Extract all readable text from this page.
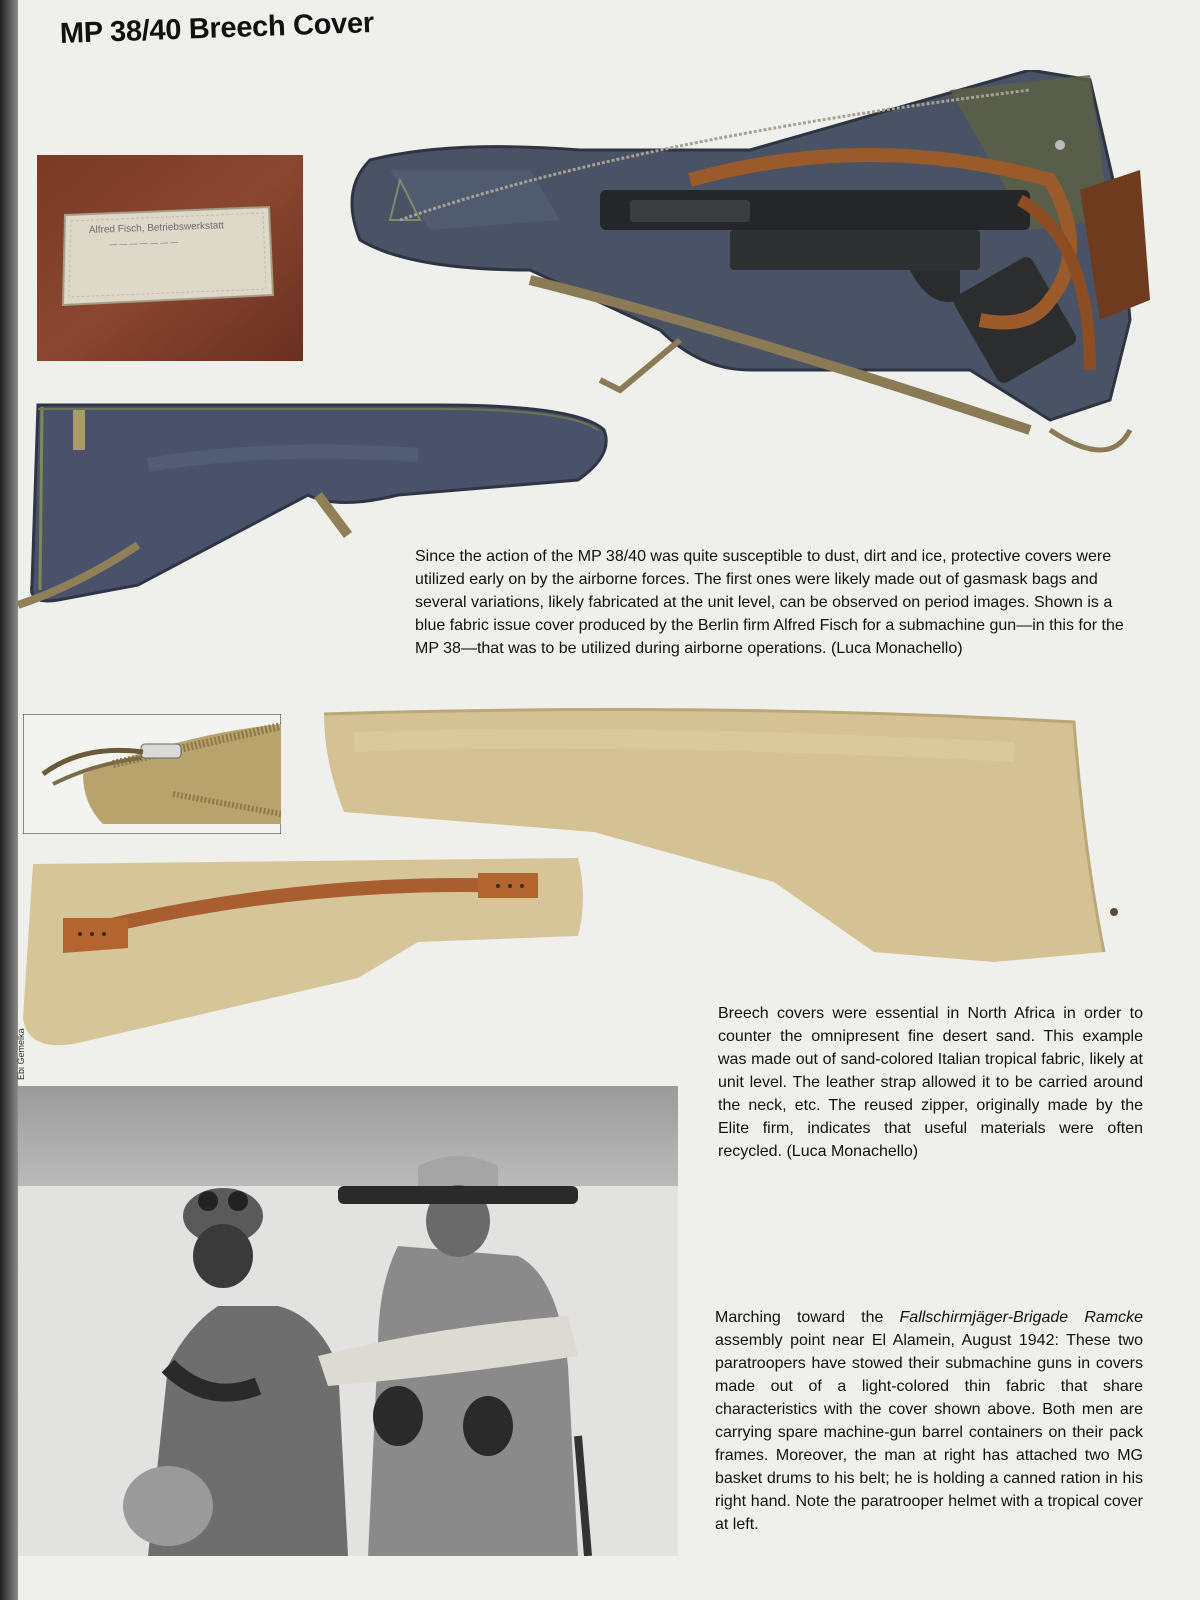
MP 38/40 Breech Cover
Ebi Gemelka
Alfred Fisch, Betriebswerkstatt
— — — — — — —

Since the action of the MP 38/40 was quite susceptible to dust, dirt and ice, protective covers were utilized early on by the airborne forces. The first ones were likely made out of gasmask bags and several variations, likely fabricated at the unit level, can be observed on period images. Shown is a blue fabric issue cover produced by the Berlin firm Alfred Fisch for a submachine gun—in this for the MP 38—that was to be utilized during airborne operations. (Luca Monachello)

Breech covers were essential in North Africa in order to counter the omnipresent fine desert sand. This example was made out of sand-colored Italian tropical fabric, likely at unit level. The leather strap allowed it to be carried around the neck, etc. The reused zipper, originally made by the Elite firm, indicates that useful materials were often recycled. (Luca Monachello)

Marching toward the Fallschirmjäger-Brigade Ramcke assembly point near El Alamein, August 1942: These two paratroopers have stowed their submachine guns in covers made out of a light-colored thin fabric that share characteristics with the cover shown above. Both men are carrying spare machine-gun barrel containers on their pack frames. Moreover, the man at right has attached two MG basket drums to his belt; he is holding a canned ration in his right hand. Note the paratrooper helmet with a tropical cover at left.
